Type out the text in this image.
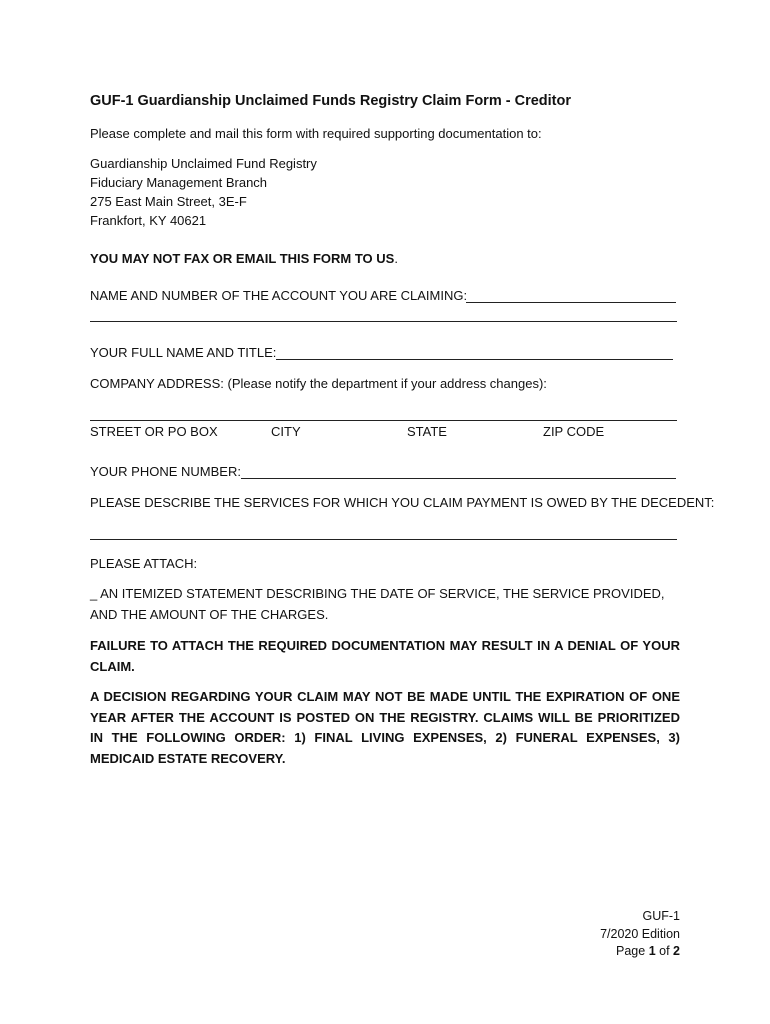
GUF-1 Guardianship Unclaimed Funds Registry Claim Form - Creditor
Please complete and mail this form with required supporting documentation to:
Guardianship Unclaimed Fund Registry
Fiduciary Management Branch
275 East Main Street, 3E-F
Frankfort, KY 40621
YOU MAY NOT FAX OR EMAIL THIS FORM TO US.
NAME AND NUMBER OF THE ACCOUNT YOU ARE CLAIMING:
YOUR FULL NAME AND TITLE:
COMPANY ADDRESS: (Please notify the department if your address changes):
STREET OR PO BOX	CITY	STATE	ZIP CODE
YOUR PHONE NUMBER:
PLEASE DESCRIBE THE SERVICES FOR WHICH YOU CLAIM PAYMENT IS OWED BY THE DECEDENT:
PLEASE ATTACH:
_ AN ITEMIZED STATEMENT DESCRIBING THE DATE OF SERVICE, THE SERVICE PROVIDED, AND THE AMOUNT OF THE CHARGES.
FAILURE TO ATTACH THE REQUIRED DOCUMENTATION MAY RESULT IN A DENIAL OF YOUR CLAIM.
A DECISION REGARDING YOUR CLAIM MAY NOT BE MADE UNTIL THE EXPIRATION OF ONE YEAR AFTER THE ACCOUNT IS POSTED ON THE REGISTRY. CLAIMS WILL BE PRIORITIZED IN THE FOLLOWING ORDER: 1) FINAL LIVING EXPENSES, 2) FUNERAL EXPENSES, 3) MEDICAID ESTATE RECOVERY.
GUF-1
7/2020 Edition
Page 1 of 2
